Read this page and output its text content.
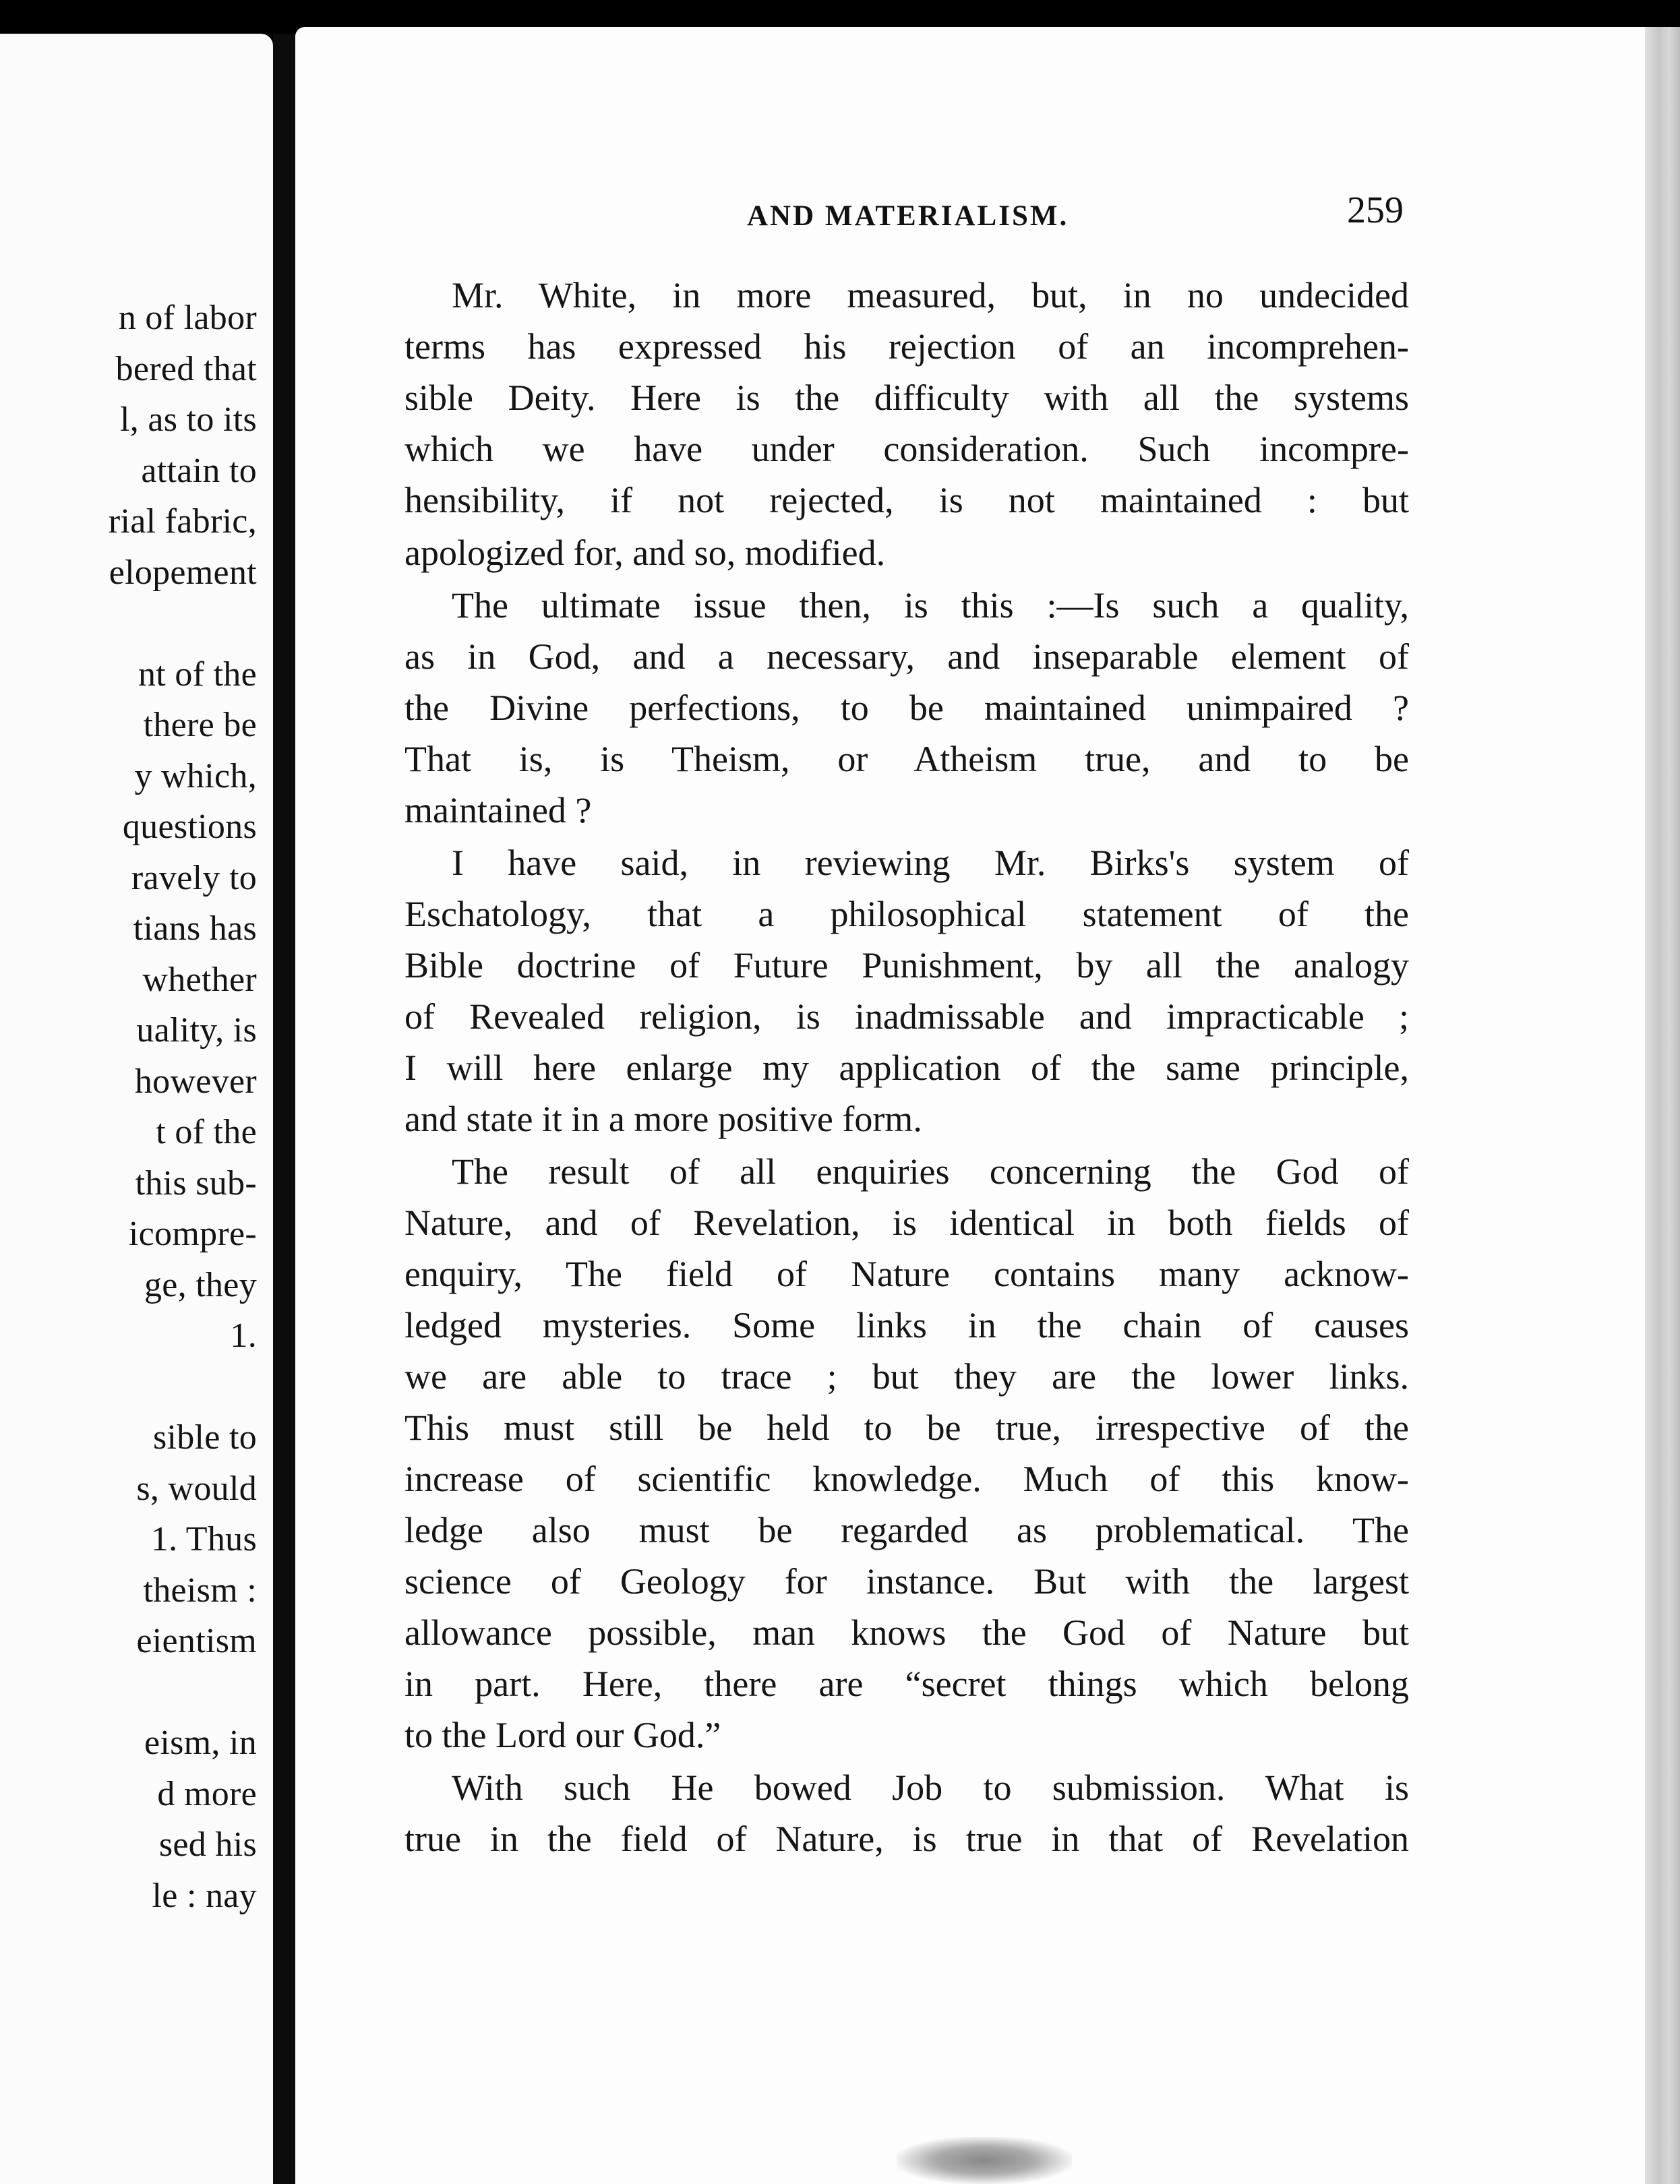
n of labor

bered that

l, as to its

attain to

rial fabric,

elopement

nt of the

there be

y which,

questions

ravely to

tians has

whether

uality, is

however

t of the

this sub-

icompre-

ge, they

1.

sible to

s, would

1. Thus

theism :

eientism

eism, in

d more

sed his

le : nay

AND MATERIALISM.	259

Mr. White, in more measured, but, in no undecided

terms has expressed his rejection of an incomprehen-

sible Deity. Here is the difficulty with all the systems

which we have under consideration. Such incompre-

hensibility, if not rejected, is not maintained : but

apologized for, and so, modified.

The ultimate issue then, is this :—Is such a quality,

as in God, and a necessary, and inseparable element of

the Divine perfections, to be maintained unimpaired ?

That is, is Theism, or Atheism true, and to be

maintained ?

I have said, in reviewing Mr. Birks's system of

Eschatology, that a philosophical statement of the

Bible doctrine of Future Punishment, by all the analogy

of Revealed religion, is inadmissable and impracticable ;

I will here enlarge my application of the same principle,

and state it in a more positive form.

The result of all enquiries concerning the God of

Nature, and of Revelation, is identical in both fields of

enquiry, The field of Nature contains many acknow-

ledged mysteries. Some links in the chain of causes

we are able to trace ; but they are the lower links.

This must still be held to be true, irrespective of the

increase of scientific knowledge. Much of this know-

ledge also must be regarded as problematical. The

science of Geology for instance. But with the largest

allowance possible, man knows the God of Nature but

in part. Here, there are “secret things which belong

to the Lord our God.”

With such He bowed Job to submission. What is

true in the field of Nature, is true in that of Revelation
